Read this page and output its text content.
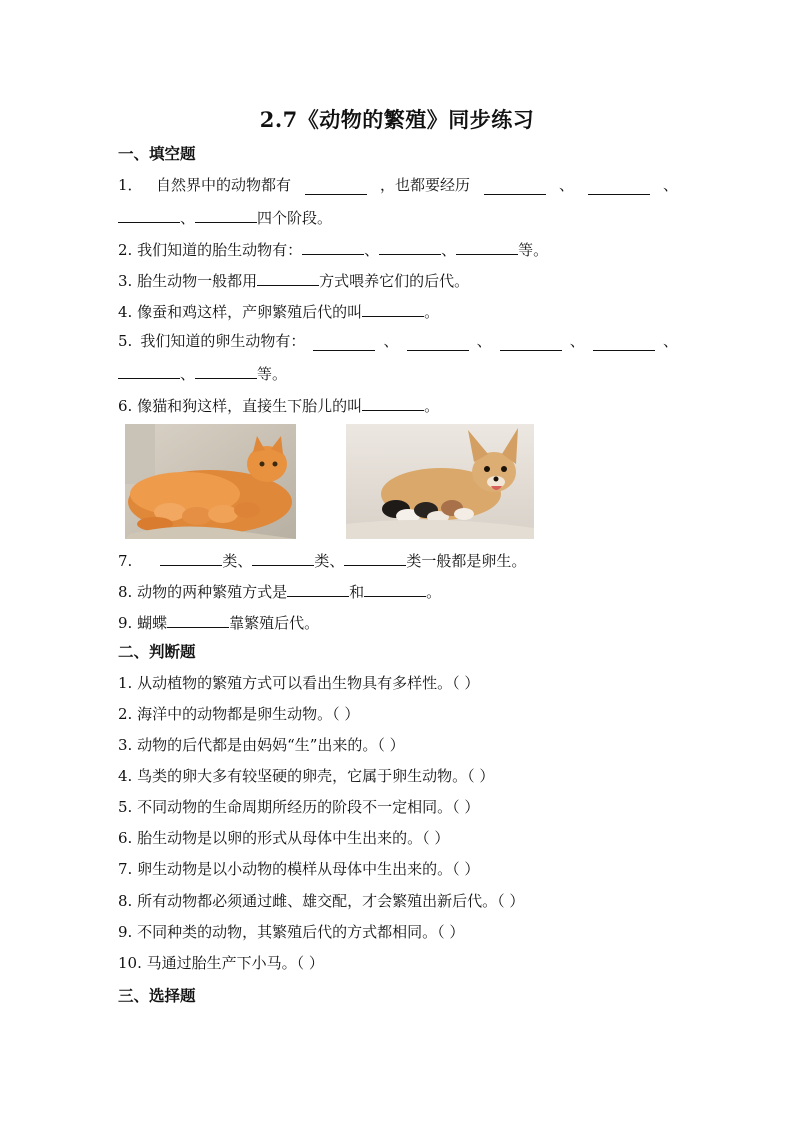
2.7《动物的繁殖》同步练习
一、填空题
1． 自然界中的动物都有	，也都要经历	、	、
、	四个阶段。
2. 我们知道的胎生动物有：	、	、	等。
3. 胎生动物一般都用	方式喂养它们的后代。
4. 像蚕和鸡这样，产卵繁殖后代的叫	。
5. 我们知道的卵生动物有：	、	、	、	、
、	等。
6. 像猫和狗这样，直接生下胎儿的叫	。
7.	类、	类、	类一般都是卵生。
8. 动物的两种繁殖方式是	和	。
9. 蝴蝶	靠繁殖后代。
二、判断题
1. 从动植物的繁殖方式可以看出生物具有多样性。（ ）
2. 海洋中的动物都是卵生动物。（ ）
3. 动物的后代都是由妈妈“生”出来的。（ ）
4. 鸟类的卵大多有较坚硬的卵壳，它属于卵生动物。（ ）
5. 不同动物的生命周期所经历的阶段不一定相同。（ ）
6. 胎生动物是以卵的形式从母体中生出来的。（ ）
7. 卵生动物是以小动物的模样从母体中生出来的。（ ）
8. 所有动物都必须通过雌、雄交配，才会繁殖出新后代。（ ）
9. 不同种类的动物，其繁殖后代的方式都相同。（ ）
10. 马通过胎生产下小马。（ ）
三、选择题
